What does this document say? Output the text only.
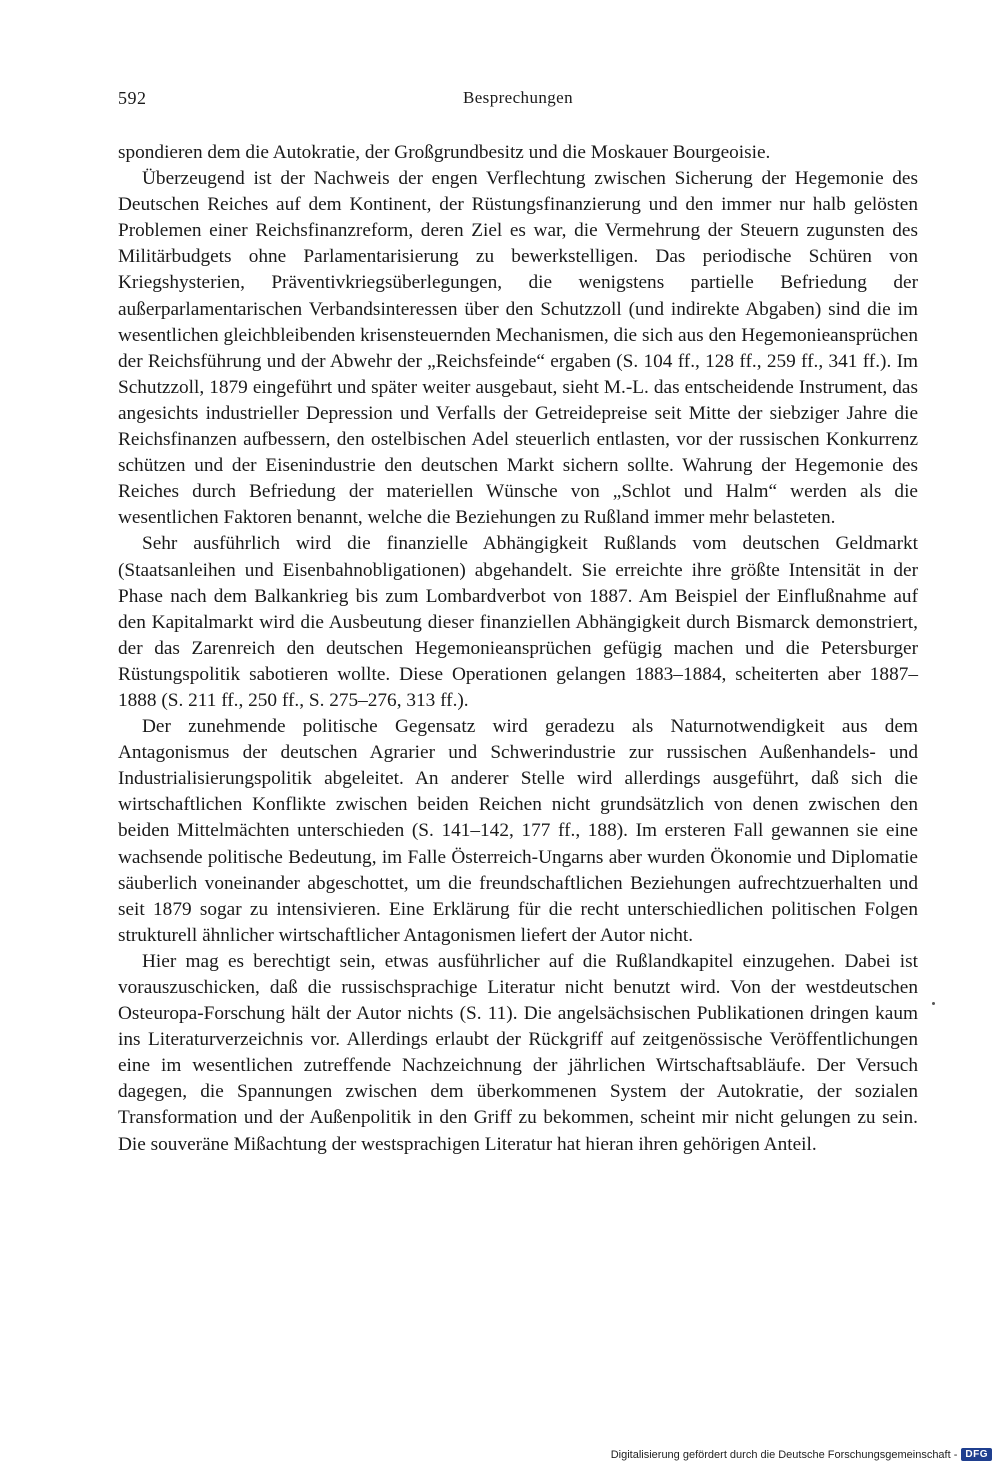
592	Besprechungen

spondieren dem die Autokratie, der Großgrundbesitz und die Moskauer Bourgeoisie.

Überzeugend ist der Nachweis der engen Verflechtung zwischen Sicherung der Hegemonie des Deutschen Reiches auf dem Kontinent, der Rüstungsfinanzierung und den immer nur halb gelösten Problemen einer Reichsfinanzreform, deren Ziel es war, die Vermehrung der Steuern zugunsten des Militärbudgets ohne Parlamentarisierung zu bewerkstelligen. Das periodische Schüren von Kriegshysterien, Präventivkriegsüberlegungen, die wenigstens partielle Befriedung der außerparlamentarischen Verbandsinteressen über den Schutzzoll (und indirekte Abgaben) sind die im wesentlichen gleichbleibenden krisensteuernden Mechanismen, die sich aus den Hegemonieansprüchen der Reichsführung und der Abwehr der „Reichsfeinde“ ergaben (S. 104 ff., 128 ff., 259 ff., 341 ff.). Im Schutzzoll, 1879 eingeführt und später weiter ausgebaut, sieht M.-L. das entscheidende Instrument, das angesichts industrieller Depression und Verfalls der Getreidepreise seit Mitte der siebziger Jahre die Reichsfinanzen aufbessern, den ostelbischen Adel steuerlich entlasten, vor der russischen Konkurrenz schützen und der Eisenindustrie den deutschen Markt sichern sollte. Wahrung der Hegemonie des Reiches durch Befriedung der materiellen Wünsche von „Schlot und Halm“ werden als die wesentlichen Faktoren benannt, welche die Beziehungen zu Rußland immer mehr belasteten.

Sehr ausführlich wird die finanzielle Abhängigkeit Rußlands vom deutschen Geldmarkt (Staatsanleihen und Eisenbahnobligationen) abgehandelt. Sie erreichte ihre größte Intensität in der Phase nach dem Balkankrieg bis zum Lombardverbot von 1887. Am Beispiel der Einflußnahme auf den Kapitalmarkt wird die Ausbeutung dieser finanziellen Abhängigkeit durch Bismarck demonstriert, der das Zarenreich den deutschen Hegemonieansprüchen gefügig machen und die Petersburger Rüstungspolitik sabotieren wollte. Diese Operationen gelangen 1883–1884, scheiterten aber 1887–1888 (S. 211 ff., 250 ff., S. 275–276, 313 ff.).

Der zunehmende politische Gegensatz wird geradezu als Naturnotwendigkeit aus dem Antagonismus der deutschen Agrarier und Schwerindustrie zur russischen Außenhandels- und Industrialisierungspolitik abgeleitet. An anderer Stelle wird allerdings ausgeführt, daß sich die wirtschaftlichen Konflikte zwischen beiden Reichen nicht grundsätzlich von denen zwischen den beiden Mittelmächten unterschieden (S. 141–142, 177 ff., 188). Im ersteren Fall gewannen sie eine wachsende politische Bedeutung, im Falle Österreich-Ungarns aber wurden Ökonomie und Diplomatie säuberlich voneinander abgeschottet, um die freundschaftlichen Beziehungen aufrechtzuerhalten und seit 1879 sogar zu intensivieren. Eine Erklärung für die recht unterschiedlichen politischen Folgen strukturell ähnlicher wirtschaftlicher Antagonismen liefert der Autor nicht.

Hier mag es berechtigt sein, etwas ausführlicher auf die Rußlandkapitel einzugehen. Dabei ist vorauszuschicken, daß die russischsprachige Literatur nicht benutzt wird. Von der westdeutschen Osteuropa-Forschung hält der Autor nichts (S. 11). Die angelsächsischen Publikationen dringen kaum ins Literaturverzeichnis vor. Allerdings erlaubt der Rückgriff auf zeitgenössische Veröffentlichungen eine im wesentlichen zutreffende Nachzeichnung der jährlichen Wirtschaftsabläufe. Der Versuch dagegen, die Spannungen zwischen dem überkommenen System der Autokratie, der sozialen Transformation und der Außenpolitik in den Griff zu bekommen, scheint mir nicht gelungen zu sein. Die souveräne Mißachtung der westsprachigen Literatur hat hieran ihren gehörigen Anteil.

Digitalisierung gefördert durch die Deutsche Forschungsgemeinschaft - DFG
